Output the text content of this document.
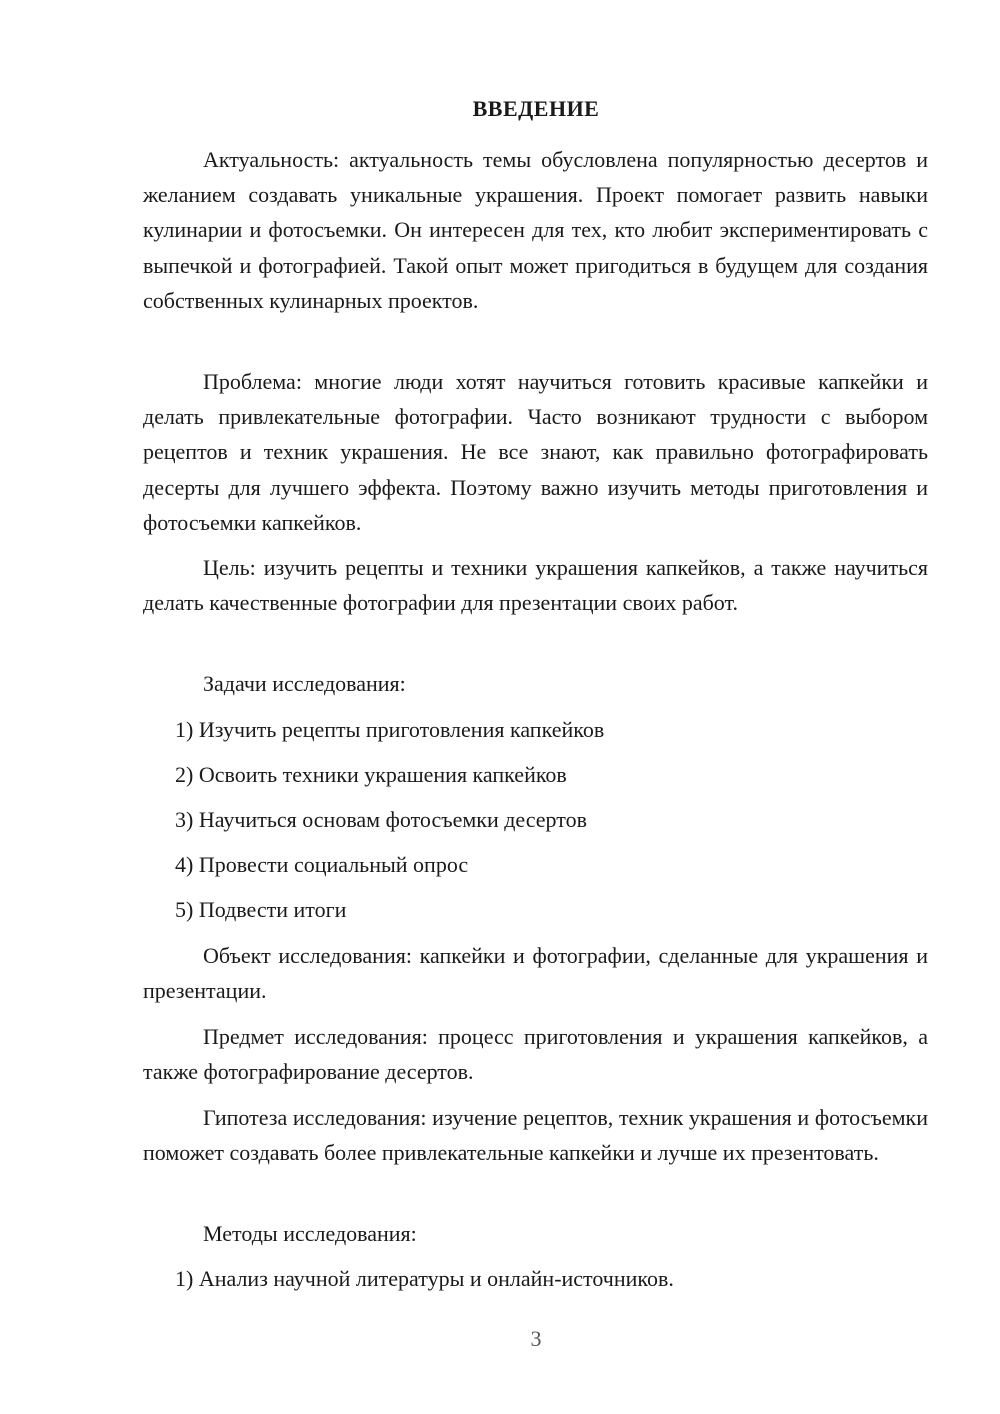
ВВЕДЕНИЕ

Актуальность: актуальность темы обусловлена популярностью десертов и желанием создавать уникальные украшения. Проект помогает развить навыки кулинарии и фотосъемки. Он интересен для тех, кто любит экспериментировать с выпечкой и фотографией. Такой опыт может пригодиться в будущем для создания собственных кулинарных проектов.

Проблема: многие люди хотят научиться готовить красивые капкейки и делать привлекательные фотографии. Часто возникают трудности с выбором рецептов и техник украшения. Не все знают, как правильно фотографировать десерты для лучшего эффекта. Поэтому важно изучить методы приготовления и фотосъемки капкейков.

Цель: изучить рецепты и техники украшения капкейков, а также научиться делать качественные фотографии для презентации своих работ.

Задачи исследования:

1) Изучить рецепты приготовления капкейков
2) Освоить техники украшения капкейков
3) Научиться основам фотосъемки десертов
4) Провести социальный опрос
5) Подвести итоги

Объект исследования: капкейки и фотографии, сделанные для украшения и презентации.

Предмет исследования: процесс приготовления и украшения капкейков, а также фотографирование десертов.

Гипотеза исследования: изучение рецептов, техник украшения и фотосъемки поможет создавать более привлекательные капкейки и лучше их презентовать.

Методы исследования:

1) Анализ научной литературы и онлайн-источников.
3
